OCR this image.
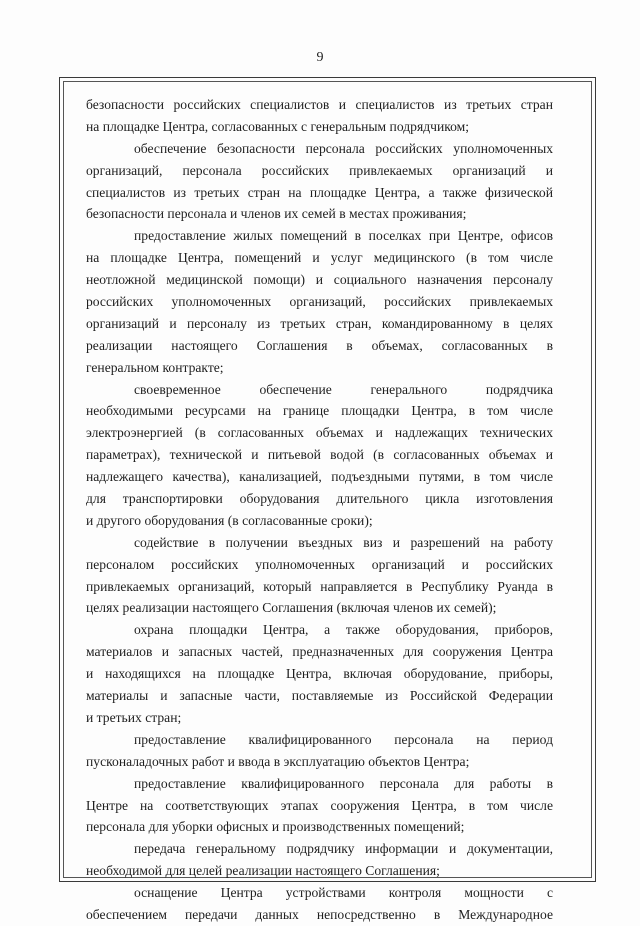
9
безопасности российских специалистов и специалистов из третьих стран
на площадке Центра, согласованных с генеральным подрядчиком;
обеспечение безопасности персонала российских уполномоченных
организаций, персонала российских привлекаемых организаций и
специалистов из третьих стран на площадке Центра, а также физической
безопасности персонала и членов их семей в местах проживания;
предоставление жилых помещений в поселках при Центре, офисов
на площадке Центра, помещений и услуг медицинского (в том числе
неотложной медицинской помощи) и социального назначения персоналу
российских уполномоченных организаций, российских привлекаемых
организаций и персоналу из третьих стран, командированному в целях
реализации настоящего Соглашения в объемах, согласованных в
генеральном контракте;
своевременное обеспечение генерального подрядчика
необходимыми ресурсами на границе площадки Центра, в том числе
электроэнергией (в согласованных объемах и надлежащих технических
параметрах), технической и питьевой водой (в согласованных объемах и
надлежащего качества), канализацией, подъездными путями, в том числе
для транспортировки оборудования длительного цикла изготовления
и другого оборудования (в согласованные сроки);
содействие в получении въездных виз и разрешений на работу
персоналом российских уполномоченных организаций и российских
привлекаемых организаций, который направляется в Республику Руанда в
целях реализации настоящего Соглашения (включая членов их семей);
охрана площадки Центра, а также оборудования, приборов,
материалов и запасных частей, предназначенных для сооружения Центра
и находящихся на площадке Центра, включая оборудование, приборы,
материалы и запасные части, поставляемые из Российской Федерации
и третьих стран;
предоставление квалифицированного персонала на период
пусконаладочных работ и ввода в эксплуатацию объектов Центра;
предоставление квалифицированного персонала для работы в
Центре на соответствующих этапах сооружения Центра, в том числе
персонала для уборки офисных и производственных помещений;
передача генеральному подрядчику информации и документации,
необходимой для целей реализации настоящего Соглашения;
оснащение Центра устройствами контроля мощности с
обеспечением передачи данных непосредственно в Международное
